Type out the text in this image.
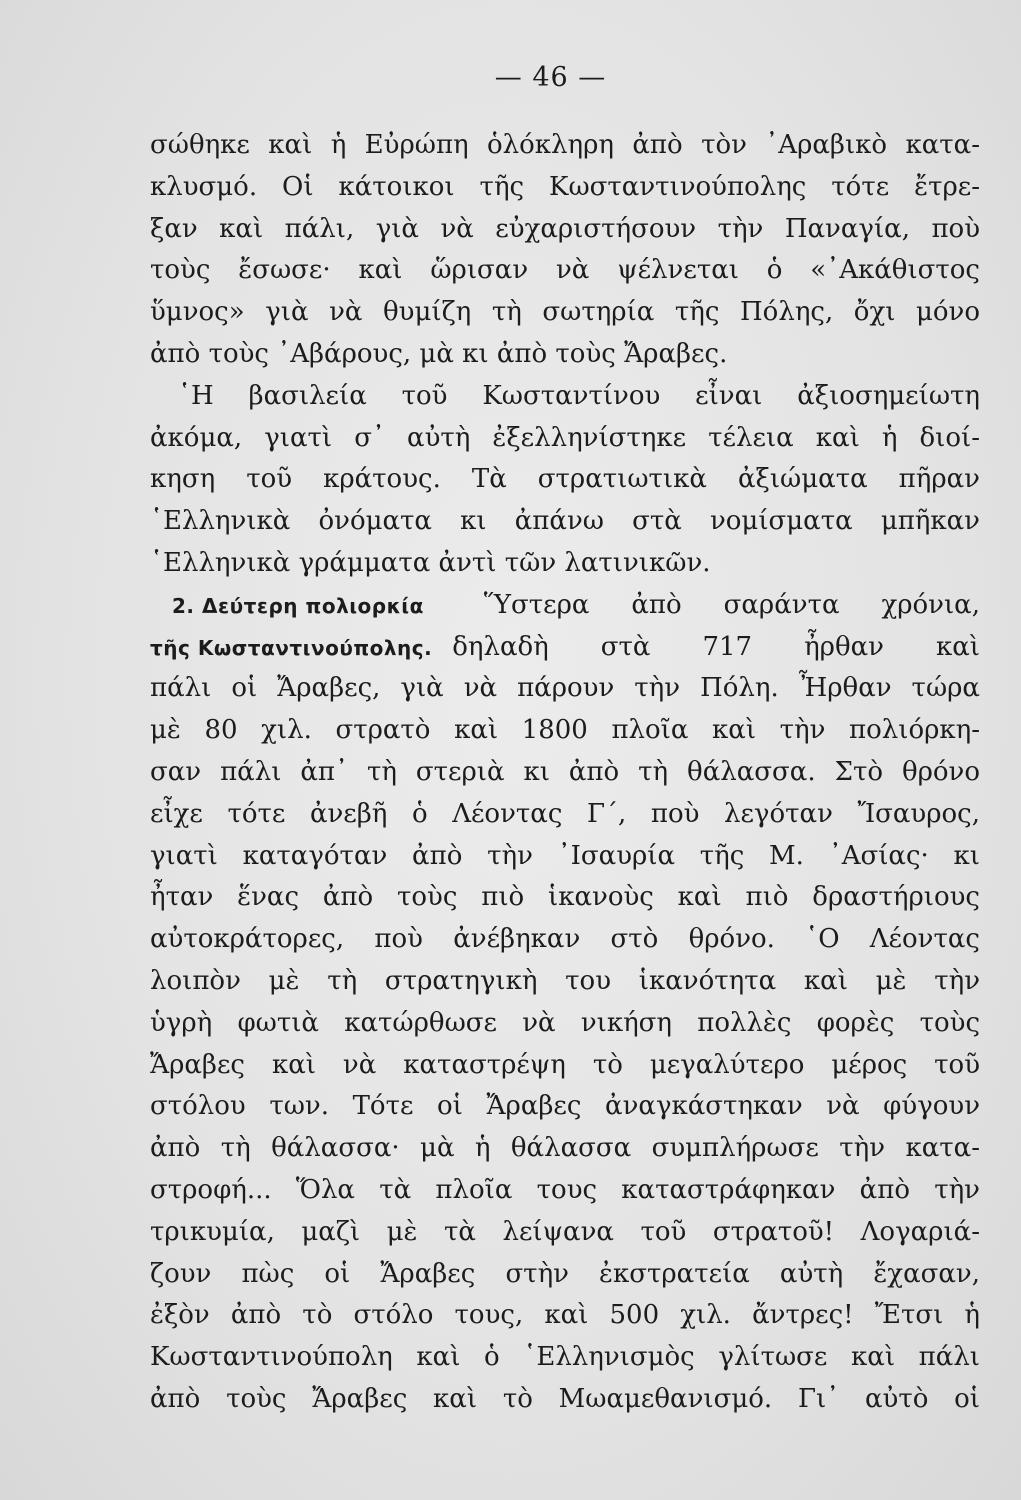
— 46 —
σώθηκε καὶ ἡ Εὐρώπη ὁλόκληρη ἀπὸ τὸν ᾿Αραβικὸ κατα-
κλυσμό. Οἱ κάτοικοι τῆς Κωσταντινούπολης τότε ἔτρε-
ξαν καὶ πάλι, γιὰ νὰ εὐχαριστήσουν τὴν Παναγία, ποὺ
τοὺς ἔσωσε· καὶ ὥρισαν νὰ ψέλνεται ὁ «᾿Ακάθιστος
ὕμνος» γιὰ νὰ θυμίζη τὴ σωτηρία τῆς Πόλης, ὄχι μόνο
ἀπὸ τοὺς ᾿Αβάρους, μὰ κι ἀπὸ τοὺς Ἄραβες.
῾Η βασιλεία τοῦ Κωσταντίνου εἶναι ἀξιοσημείωτη
ἀκόμα, γιατὶ σ᾿ αὐτὴ ἐξελληνίστηκε τέλεια καὶ ἡ διοί-
κηση τοῦ κράτους. Τὰ στρατιωτικὰ ἀξιώματα πῆραν
῾Ελληνικὰ ὀνόματα κι ἀπάνω στὰ νομίσματα μπῆκαν
῾Ελληνικὰ γράμματα ἀντὶ τῶν λατινικῶν.
2. Δεύτερη πολιορκία	Ὕστερα ἀπὸ σαράντα χρόνια,
τῆς Κωσταντινούπολης. δηλαδὴ στὰ 717 ἦρθαν καὶ
πάλι οἱ Ἄραβες, γιὰ νὰ πάρουν τὴν Πόλη. Ἦρθαν τώρα
μὲ 80 χιλ. στρατὸ καὶ 1800 πλοῖα καὶ τὴν πολιόρκη-
σαν πάλι ἀπ᾿ τὴ στεριὰ κι ἀπὸ τὴ θάλασσα. Στὸ θρόνο
εἶχε τότε ἀνεβῆ ὁ Λέοντας Γ΄, ποὺ λεγόταν Ἴσαυρος,
γιατὶ καταγόταν ἀπὸ τὴν ᾿Ισαυρία τῆς Μ. ᾿Ασίας· κι
ἦταν ἕνας ἀπὸ τοὺς πιὸ ἱκανοὺς καὶ πιὸ δραστήριους
αὐτοκράτορες, ποὺ ἀνέβηκαν στὸ θρόνο. ῾Ο Λέοντας
λοιπὸν μὲ τὴ στρατηγικὴ του ἱκανότητα καὶ μὲ τὴν
ὑγρὴ φωτιὰ κατώρθωσε νὰ νικήση πολλὲς φορὲς τοὺς
Ἄραβες καὶ νὰ καταστρέψη τὸ μεγαλύτερο μέρος τοῦ
στόλου των. Τότε οἱ Ἄραβες ἀναγκάστηκαν νὰ φύγουν
ἀπὸ τὴ θάλασσα· μὰ ἡ θάλασσα συμπλήρωσε τὴν κατα-
στροφή... Ὅλα τὰ πλοῖα τους καταστράφηκαν ἀπὸ τὴν
τρικυμία, μαζὶ μὲ τὰ λείψανα τοῦ στρατοῦ! Λογαριά-
ζουν πὼς οἱ Ἄραβες στὴν ἐκστρατεία αὐτὴ ἔχασαν,
ἐξὸν ἀπὸ τὸ στόλο τους, καὶ 500 χιλ. ἄντρες! Ἔτσι ἡ
Κωσταντινούπολη καὶ ὁ ῾Ελληνισμὸς γλίτωσε καὶ πάλι
ἀπὸ τοὺς Ἄραβες καὶ τὸ Μωαμεθανισμό. Γι᾿ αὐτὸ οἱ
